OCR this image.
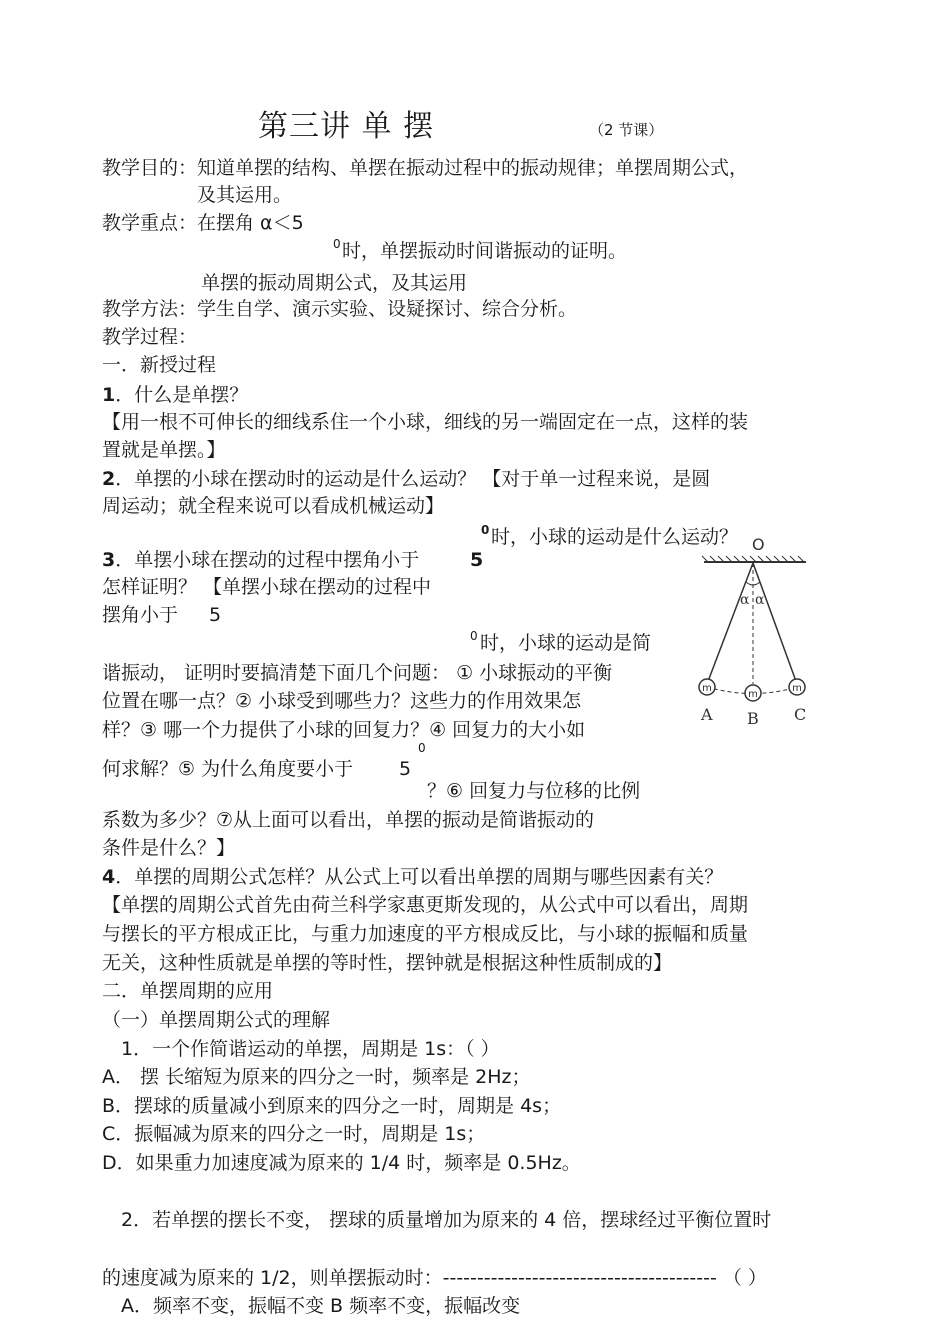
第三讲 单 摆	（2 节课）
教学目的：知道单摆的结构、单摆在振动过程中的振动规律；单摆周期公式，
及其运用。
教学重点：在摆角 α＜5
0 时，单摆振动时间谐振动的证明。
单摆的振动周期公式，及其运用
教学方法：学生自学、演示实验、设疑探讨、综合分析。
教学过程：
一．新授过程
1．什么是单摆？
【用一根不可伸长的细线系住一个小球，细线的另一端固定在一点，这样的装
置就是单摆。】
2．单摆的小球在摆动时的运动是什么运动？ 【对于单一过程来说，是圆
周运动；就全程来说可以看成机械运动】
0 时，小球的运动是什么运动？
3．单摆小球在摆动的过程中摆角小于	5
怎样证明？ 【单摆小球在摆动的过程中
摆角小于 5
0 时，小球的运动是简
谐振动， 证明时要搞清楚下面几个问题： ① 小球振动的平衡
位置在哪一点？② 小球受到哪些力？这些力的作用效果怎
样？③ 哪一个力提供了小球的回复力？④ 回复力的大小如
0
何求解？⑤ 为什么角度要小于 5
？⑥ 回复力与位移的比例
系数为多少？⑦从上面可以看出，单摆的振动是简谐振动的
条件是什么？】
4．单摆的周期公式怎样？从公式上可以看出单摆的周期与哪些因素有关？
【单摆的周期公式首先由荷兰科学家惠更斯发现的，从公式中可以看出，周期
与摆长的平方根成正比，与重力加速度的平方根成反比，与小球的振幅和质量
无关，这种性质就是单摆的等时性，摆钟就是根据这种性质制成的】
二．单摆周期的应用
（一）单摆周期公式的理解
1．一个作简谐运动的单摆，周期是 1s：（ ）
A． 摆 长缩短为原来的四分之一时，频率是 2Hz；
B．摆球的质量减小到原来的四分之一时，周期是 4s；
C．振幅减为原来的四分之一时，周期是 1s；
D．如果重力加速度减为原来的 1/4 时，频率是 0.5Hz。
2．若单摆的摆长不变， 摆球的质量增加为原来的 4 倍，摆球经过平衡位置时
的速度减为原来的 1/2，则单摆振动时：---------------------------------------- （ ）
A．频率不变，振幅不变 B 频率不变，振幅改变
O
α α
m
m
m
A B C
